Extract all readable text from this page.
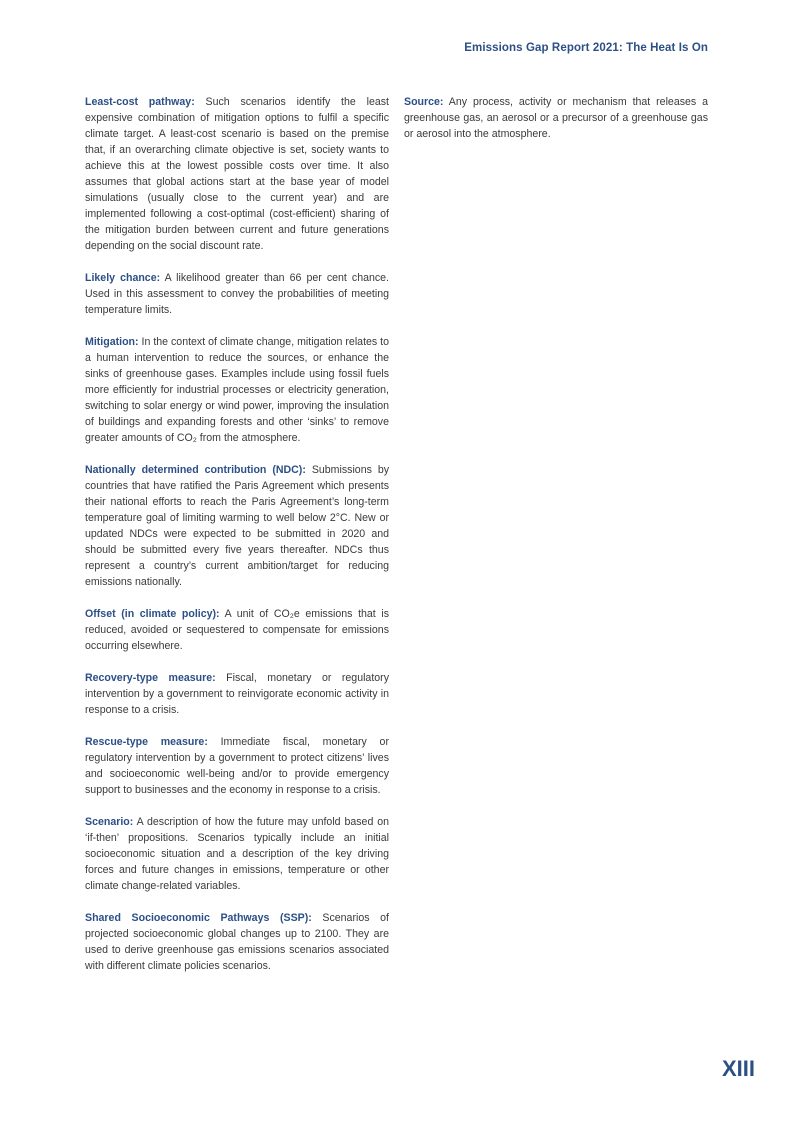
Emissions Gap Report 2021: The Heat Is On

Least-cost pathway: Such scenarios identify the least expensive combination of mitigation options to fulfil a specific climate target. A least-cost scenario is based on the premise that, if an overarching climate objective is set, society wants to achieve this at the lowest possible costs over time. It also assumes that global actions start at the base year of model simulations (usually close to the current year) and are implemented following a cost-optimal (cost-efficient) sharing of the mitigation burden between current and future generations depending on the social discount rate.

Likely chance: A likelihood greater than 66 per cent chance. Used in this assessment to convey the probabilities of meeting temperature limits.

Mitigation: In the context of climate change, mitigation relates to a human intervention to reduce the sources, or enhance the sinks of greenhouse gases. Examples include using fossil fuels more efficiently for industrial processes or electricity generation, switching to solar energy or wind power, improving the insulation of buildings and expanding forests and other ‘sinks’ to remove greater amounts of CO₂ from the atmosphere.

Nationally determined contribution (NDC): Submissions by countries that have ratified the Paris Agreement which presents their national efforts to reach the Paris Agreement’s long-term temperature goal of limiting warming to well below 2°C. New or updated NDCs were expected to be submitted in 2020 and should be submitted every five years thereafter. NDCs thus represent a country’s current ambition/target for reducing emissions nationally.

Offset (in climate policy): A unit of CO₂e emissions that is reduced, avoided or sequestered to compensate for emissions occurring elsewhere.

Recovery-type measure: Fiscal, monetary or regulatory intervention by a government to reinvigorate economic activity in response to a crisis.

Rescue-type measure: Immediate fiscal, monetary or regulatory intervention by a government to protect citizens’ lives and socioeconomic well-being and/or to provide emergency support to businesses and the economy in response to a crisis.

Scenario: A description of how the future may unfold based on ‘if-then’ propositions. Scenarios typically include an initial socioeconomic situation and a description of the key driving forces and future changes in emissions, temperature or other climate change-related variables.

Shared Socioeconomic Pathways (SSP): Scenarios of projected socioeconomic global changes up to 2100. They are used to derive greenhouse gas emissions scenarios associated with different climate policies scenarios.

Source: Any process, activity or mechanism that releases a greenhouse gas, an aerosol or a precursor of a greenhouse gas or aerosol into the atmosphere.

XIII
